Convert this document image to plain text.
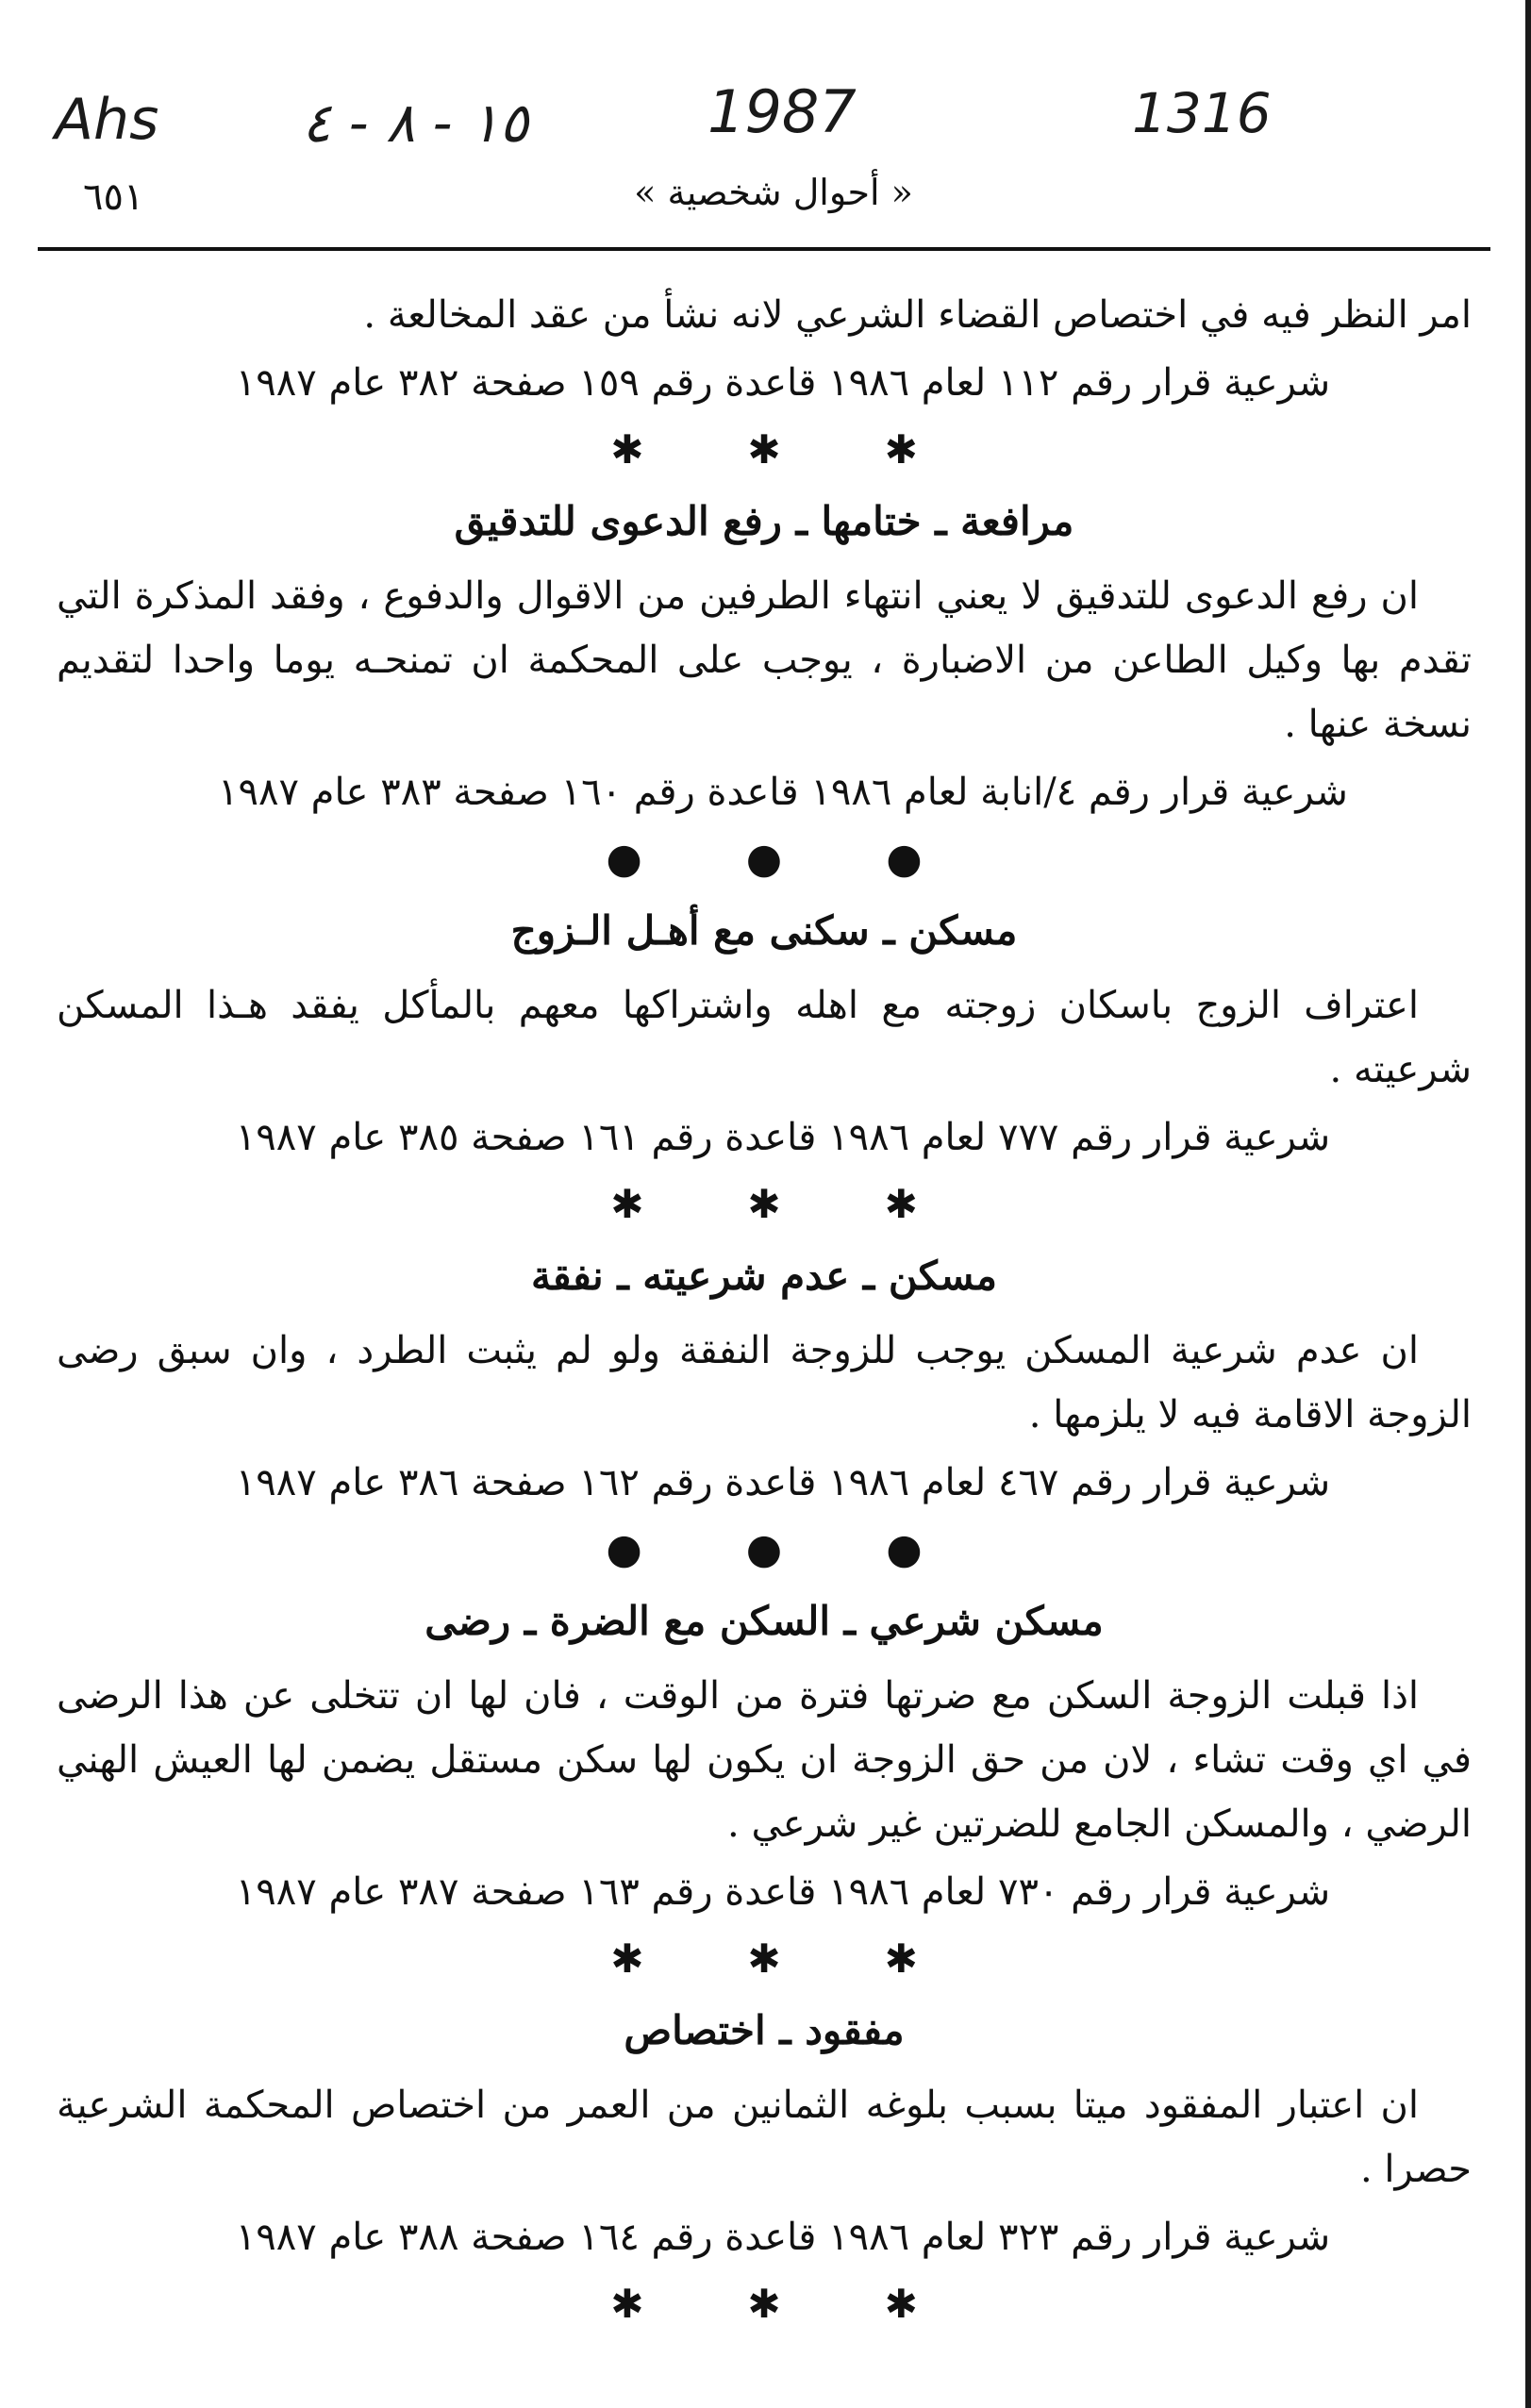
Ahs	١٥ - ٨ - ٤	1987	1316
٦٥١	« أحوال شخصية »

امر النظر فيه في اختصاص القضاء الشرعي لانه نشأ من عقد المخالعة .

شرعية قرار رقم ١١٢ لعام ١٩٨٦ قاعدة رقم ١٥٩ صفحة ٣٨٢ عام ١٩٨٧
✱
✱
✱
مرافعة ـ ختامها ـ رفع الدعوى للتدقيق

ان رفع الدعوى للتدقيق لا يعني انتهاء الطرفين من الاقوال والدفوع ، وفقد المذكرة التي تقدم بها وكيل الطاعن من الاضبارة ، يوجب على المحكمة ان تمنحـه يوما واحدا لتقديم نسخة عنها .

شرعية قرار رقم ٤/انابة لعام ١٩٨٦ قاعدة رقم ١٦٠ صفحة ٣٨٣ عام ١٩٨٧
●
●
●
مسكن ـ سكنى مع أهـل الـزوج

اعتراف الزوج باسكان زوجته مع اهله واشتراكها معهم بالمأكل يفقد هـذا المسكن شرعيته .

شرعية قرار رقم ٧٧٧ لعام ١٩٨٦ قاعدة رقم ١٦١ صفحة ٣٨٥ عام ١٩٨٧
✱
✱
✱
مسكن ـ عدم شرعيته ـ نفقة

ان عدم شرعية المسكن يوجب للزوجة النفقة ولو لم يثبت الطرد ، وان سبق رضى الزوجة الاقامة فيه لا يلزمها .

شرعية قرار رقم ٤٦٧ لعام ١٩٨٦ قاعدة رقم ١٦٢ صفحة ٣٨٦ عام ١٩٨٧
●
●
●
مسكن شرعي ـ السكن مع الضرة ـ رضى

اذا قبلت الزوجة السكن مع ضرتها فترة من الوقت ، فان لها ان تتخلى عن هذا الرضى في اي وقت تشاء ، لان من حق الزوجة ان يكون لها سكن مستقل يضمن لها العيش الهني الرضي ، والمسكن الجامع للضرتين غير شرعي .

شرعية قرار رقم ٧٣٠ لعام ١٩٨٦ قاعدة رقم ١٦٣ صفحة ٣٨٧ عام ١٩٨٧
✱
✱
✱
مفقود ـ اختصاص

ان اعتبار المفقود ميتا بسبب بلوغه الثمانين من العمر من اختصاص المحكمة الشرعية حصرا .

شرعية قرار رقم ٣٢٣ لعام ١٩٨٦ قاعدة رقم ١٦٤ صفحة ٣٨٨ عام ١٩٨٧
✱
✱
✱
